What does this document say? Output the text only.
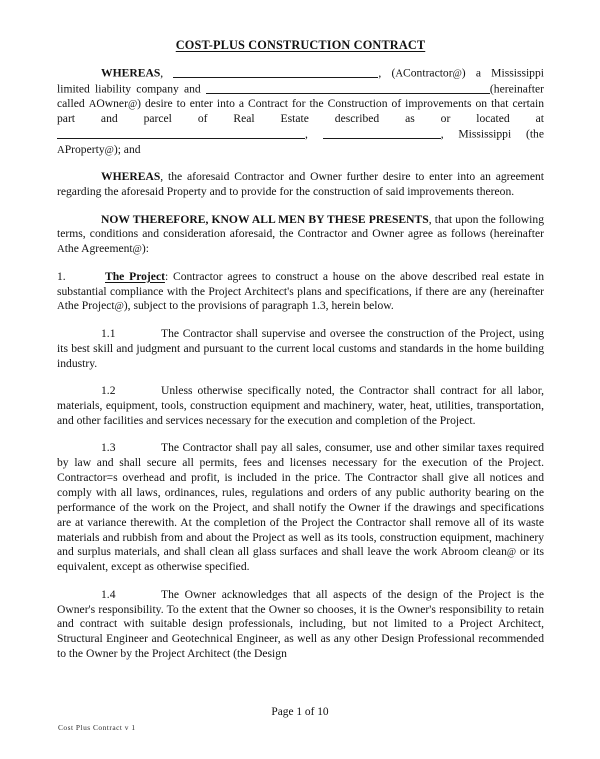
COST-PLUS CONSTRUCTION CONTRACT

WHEREAS,	, (AContractor@) a Mississippi limited liability company and	(hereinafter called AOwner@) desire to enter into a Contract for the Construction of improvements on that certain part and parcel of Real Estate described as or located at,	, Mississippi (the AProperty@); and

WHEREAS, the aforesaid Contractor and Owner further desire to enter into an agreement regarding the aforesaid Property and to provide for the construction of said improvements thereon.

NOW THEREFORE, KNOW ALL MEN BY THESE PRESENTS, that upon the following terms, conditions and consideration aforesaid, the Contractor and Owner agree as follows (hereinafter Athe Agreement@):

1.	The Project: Contractor agrees to construct a house on the above described real estate in substantial compliance with the Project Architect's plans and specifications, if there are any (hereinafter Athe Project@), subject to the provisions of paragraph 1.3, herein below.

1.1	The Contractor shall supervise and oversee the construction of the Project, using its best skill and judgment and pursuant to the current local customs and standards in the home building industry.

1.2	Unless otherwise specifically noted, the Contractor shall contract for all labor, materials, equipment, tools, construction equipment and machinery, water, heat, utilities, transportation, and other facilities and services necessary for the execution and completion of the Project.

1.3	The Contractor shall pay all sales, consumer, use and other similar taxes required by law and shall secure all permits, fees and licenses necessary for the execution of the Project. Contractor=s overhead and profit, is included in the price. The Contractor shall give all notices and comply with all laws, ordinances, rules, regulations and orders of any public authority bearing on the performance of the work on the Project, and shall notify the Owner if the drawings and specifications are at variance therewith. At the completion of the Project the Contractor shall remove all of its waste materials and rubbish from and about the Project as well as its tools, construction equipment, machinery and surplus materials, and shall clean all glass surfaces and shall leave the work Abroom clean@ or its equivalent, except as otherwise specified.

1.4	The Owner acknowledges that all aspects of the design of the Project is the Owner's responsibility. To the extent that the Owner so chooses, it is the Owner's responsibility to retain and contract with suitable design professionals, including, but not limited to a Project Architect, Structural Engineer and Geotechnical Engineer, as well as any other Design Professional recommended to the Owner by the Project Architect (the Design

Page 1 of 10
Cost Plus Contract v 1
